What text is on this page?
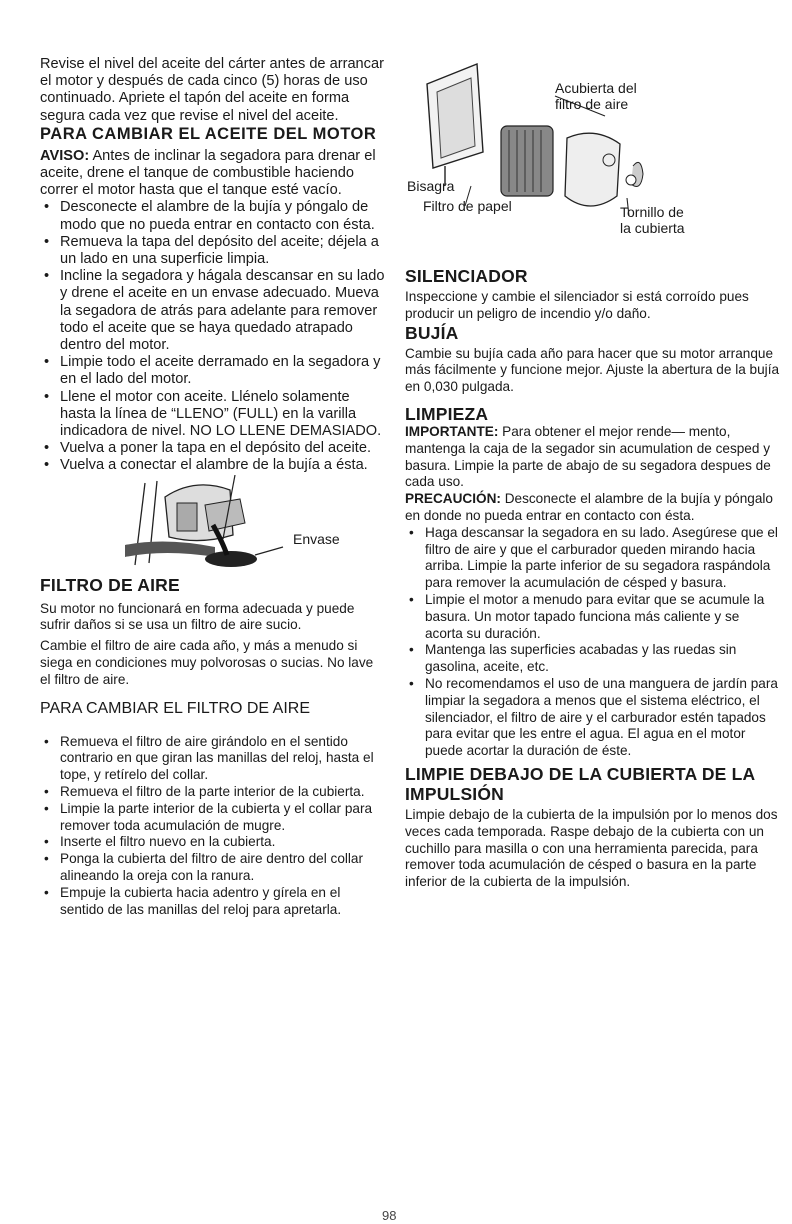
Revise el nivel del aceite del cárter antes de arrancar el motor y después de cada cinco (5) horas de uso continuado. Apriete el tapón del aceite en forma segura cada vez que revise el nivel del aceite.

PARA CAMBIAR EL ACEITE DEL MOTOR

AVISO: Antes de inclinar la segadora para drenar el aceite, drene el tanque de combustible haciendo correr el motor hasta que el tanque esté vacío.

• Desconecte el alambre de la bujía y póngalo de modo que no pueda entrar en contacto con ésta.
• Remueva la tapa del depósito del aceite; déjela a un lado en una superficie limpia.
• Incline la segadora y hágala descansar en su lado y drene el aceite en un envase adecuado. Mueva la segadora de atrás para adelante para remover todo el aceite que se haya quedado atrapado dentro del motor.
• Limpie todo el aceite derramado en la segadora y en el lado del motor.
• Llene el motor con aceite. Llénelo solamente hasta la línea de “LLENO” (FULL) en la varilla indicadora de nivel. NO LO LLENE DEMASIADO.
• Vuelva a poner la tapa en el depósito del aceite.
• Vuelva a conectar el alambre de la bujía a ésta.
Envase
FILTRO DE AIRE

Su motor no funcionará en forma adecuada y puede sufrir daños si se usa un filtro de aire sucio.

Cambie el filtro de aire cada año, y más a menudo si siega en condiciones muy polvorosas o sucias. No lave el filtro de aire.

PARA CAMBIAR EL FILTRO DE AIRE
• Remueva el filtro de aire girándolo en el sentido contrario en que giran las manillas del reloj, hasta el tope, y retírelo del collar.
• Remueva el filtro de la parte interior de la cubierta.
• Limpie la parte interior de la cubierta y el collar para remover toda acumulación de mugre.
• Inserte el filtro nuevo en la cubierta.
• Ponga la cubierta del filtro de aire dentro del collar alineando la oreja con la ranura.
• Empuje la cubierta hacia adentro y gírela en el sentido de las manillas del reloj para apretarla.
Acubierta del filtro de aire
Bisagra
Filtro de papel	Tornillo de la cubierta
SILENCIADOR

Inspeccione y cambie el silenciador si está corroído pues producir un peligro de incendio y/o daño.

BUJÍA

Cambie su bujía cada año para hacer que su motor arranque más fácilmente y funcione mejor. Ajuste la abertura de la bujía en 0,030 pulgada.

LIMPIEZA

IMPORTANTE: Para obtener el mejor rende— mento, mantenga la caja de la segador sin acumulation de cesped y basura. Limpie la parte de abajo de su segadora despues de cada uso.

PRECAUCIÓN: Desconecte el alambre de la bujía y póngalo en donde no pueda entrar en contacto con ésta.

• Haga descansar la segadora en su lado. Asegúrese que el filtro de aire y que el carburador queden mirando hacia arriba. Limpie la parte inferior de su segadora raspándola para remover la acumulación de césped y basura.
• Limpie el motor a menudo para evitar que se acumule la basura. Un motor tapado funciona más caliente y se acorta su duración.
• Mantenga las superficies acabadas y las ruedas sin gasolina, aceite, etc.
• No recomendamos el uso de una manguera de jardín para limpiar la segadora a menos que el sistema eléctrico, el silenciador, el filtro de aire y el carburador estén tapados para evitar que les entre el agua. El agua en el motor puede acortar la duración de éste.
LIMPIE DEBAJO DE LA CUBIERTA DE LA IMPULSIÓN

Limpie debajo de la cubierta de la impulsión por lo menos dos veces cada temporada. Raspe debajo de la cubierta con un cuchillo para masilla o con una herramienta parecida, para remover toda acumulación de césped o basura en la parte inferior de la cubierta de la impulsión.

98
